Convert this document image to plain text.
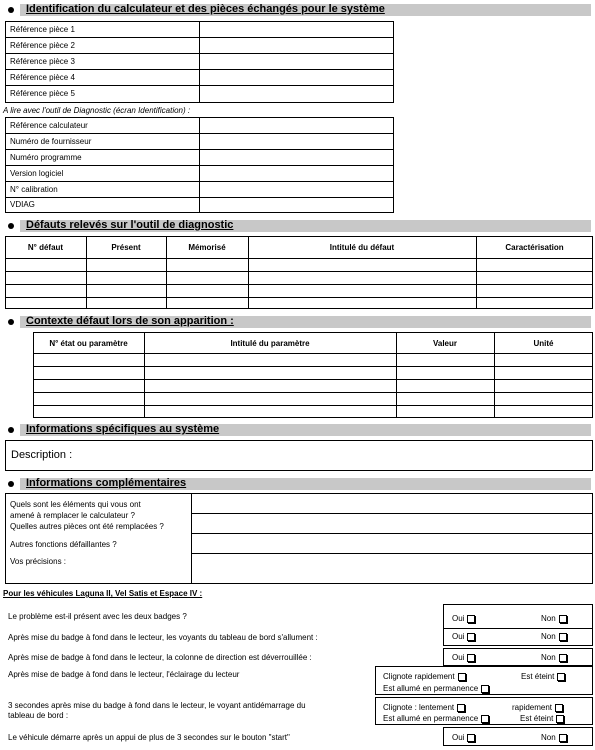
Identification du calculateur et des pièces échangés pour le système
Référence pièce 1
Référence pièce 2
Référence pièce 3
Référence pièce 4
Référence pièce 5
A lire avec l'outil de Diagnostic (écran Identification) :
Référence calculateur
Numéro de fournisseur
Numéro programme
Version logiciel
N° calibration
VDIAG
Défauts relevés sur l'outil de diagnostic
N° défaut	Présent	Mémorisé	Intitulé du défaut	Caractérisation
Contexte défaut lors de son apparition :
N° état ou paramètre	Intitulé du paramètre	Valeur	Unité
Informations spécifiques au système
Description :
Informations complémentaires
Quels sont les éléments qui vous ont
amené à remplacer le calculateur ?
Quelles autres pièces ont été remplacées ?
Autres fonctions défaillantes ?
Vos précisions :
Pour les véhicules Laguna II, Vel Satis et Espace IV :
Le problème est-il présent avec les deux badges ?	Oui	Non
Après mise du badge à fond dans le lecteur, les voyants du tableau de bord s'allument :	Oui	Non
Après mise de badge à fond dans le lecteur, la colonne de direction est déverrouillée :	Oui	Non
Après mise de badge à fond dans le lecteur, l'éclairage du lecteur	Clignote rapidement	Est éteint
Est allumé en permanence
3 secondes après mise du badge à fond dans le lecteur, le voyant antidémarrage du
tableau de bord :
Clignote : lentement	rapidement
Est allumé en permanence	Est éteint
Le véhicule démarre après un appui de plus de 3 secondes sur le bouton "start"	Oui	Non
